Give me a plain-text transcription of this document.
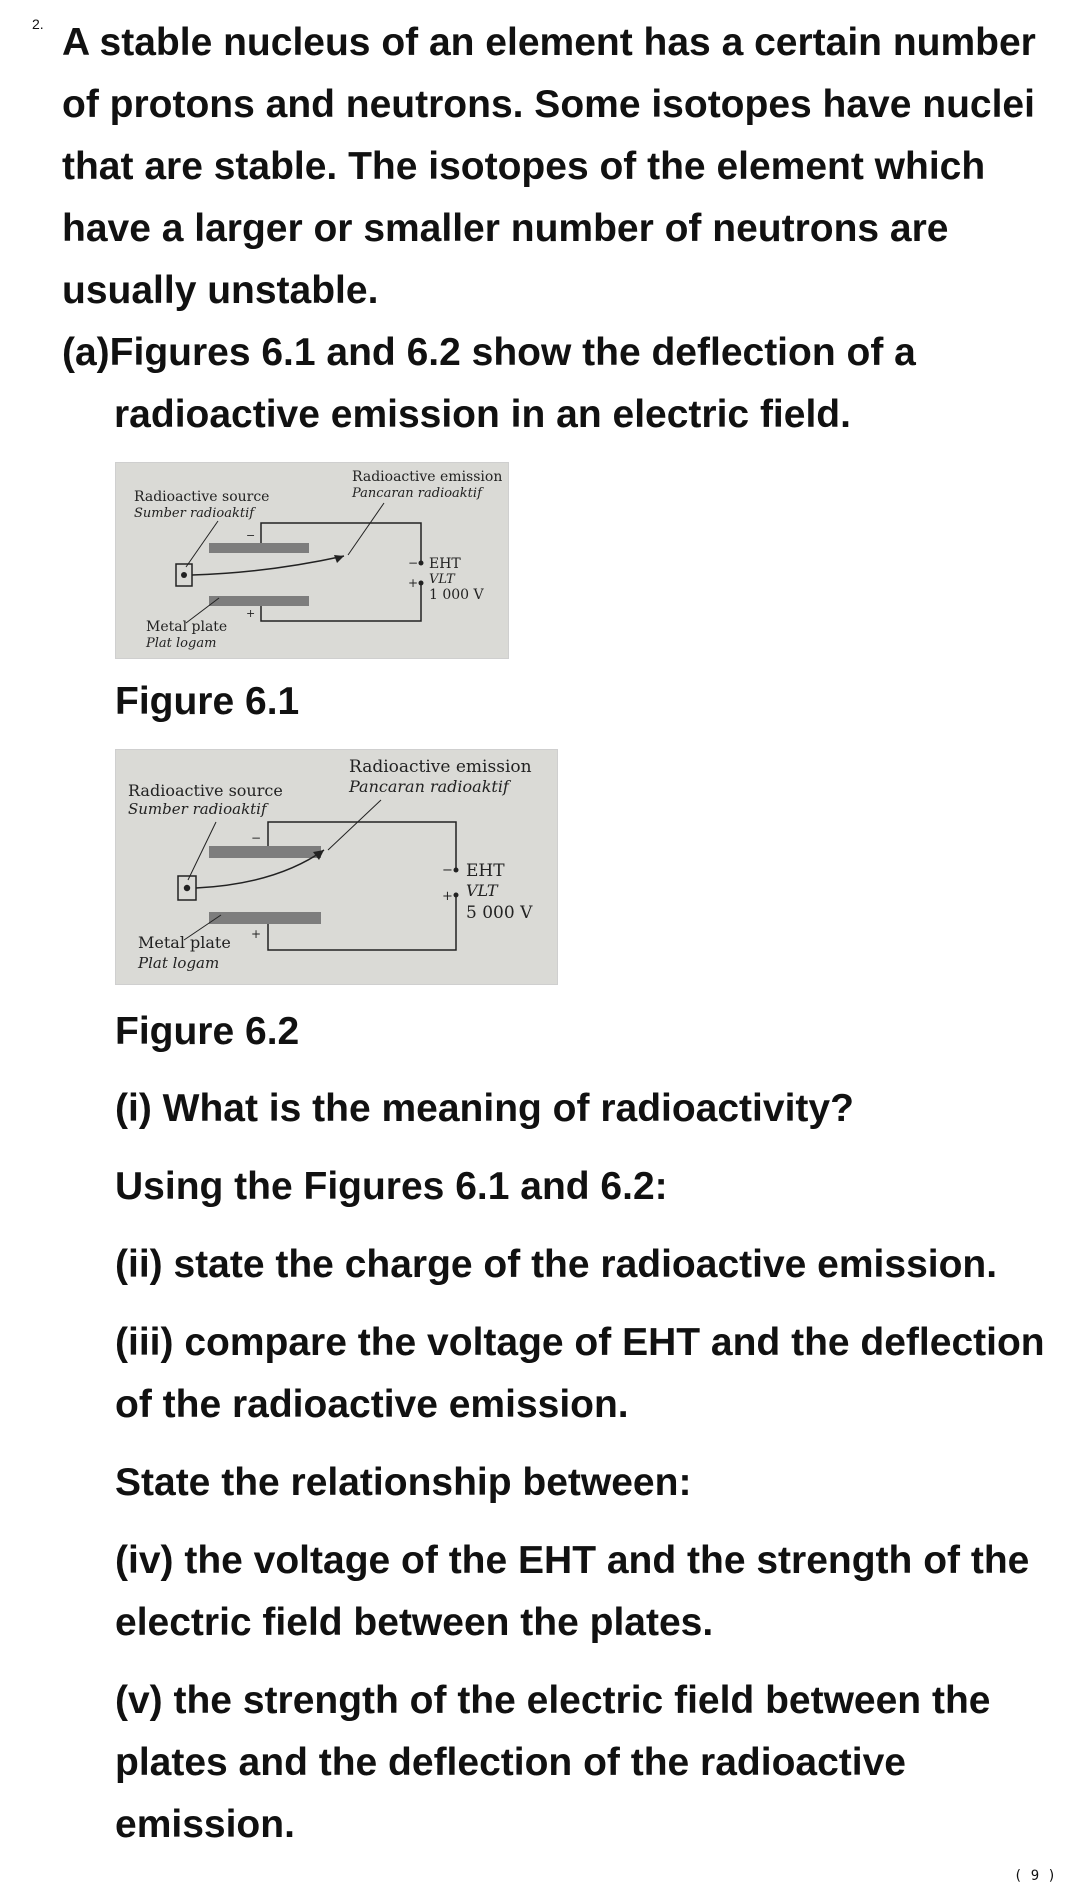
2. A stable nucleus of an element has a certain number of protons and neutrons. Some isotopes have nuclei that are stable. The isotopes of the element which have a larger or smaller number of neutrons are usually unstable.

(a)Figures 6.1 and 6.2 show the deflection of a
radioactive emission in an electric field.

Radioactive emission
Pancaran radioaktif
Radioactive source
Sumber radioaktif
Metal plate
Plat logam
EHT
VLT
1 000 V
−
+
−
+

Figure 6.1

Radioactive emission
Pancaran radioaktif
Radioactive source
Sumber radioaktif
Metal plate
Plat logam
EHT
VLT
5 000 V
−
+
−
+

Figure 6.2

(i) What is the meaning of radioactivity?

Using the Figures 6.1 and 6.2:

(ii) state the charge of the radioactive emission.

(iii) compare the voltage of EHT and the deflection of the radioactive emission.

State the relationship between:

(iv) the voltage of the EHT and the strength of the electric field between the plates.

(v) the strength of the electric field between the plates and the deflection of the radioactive emission.

( 9 )
